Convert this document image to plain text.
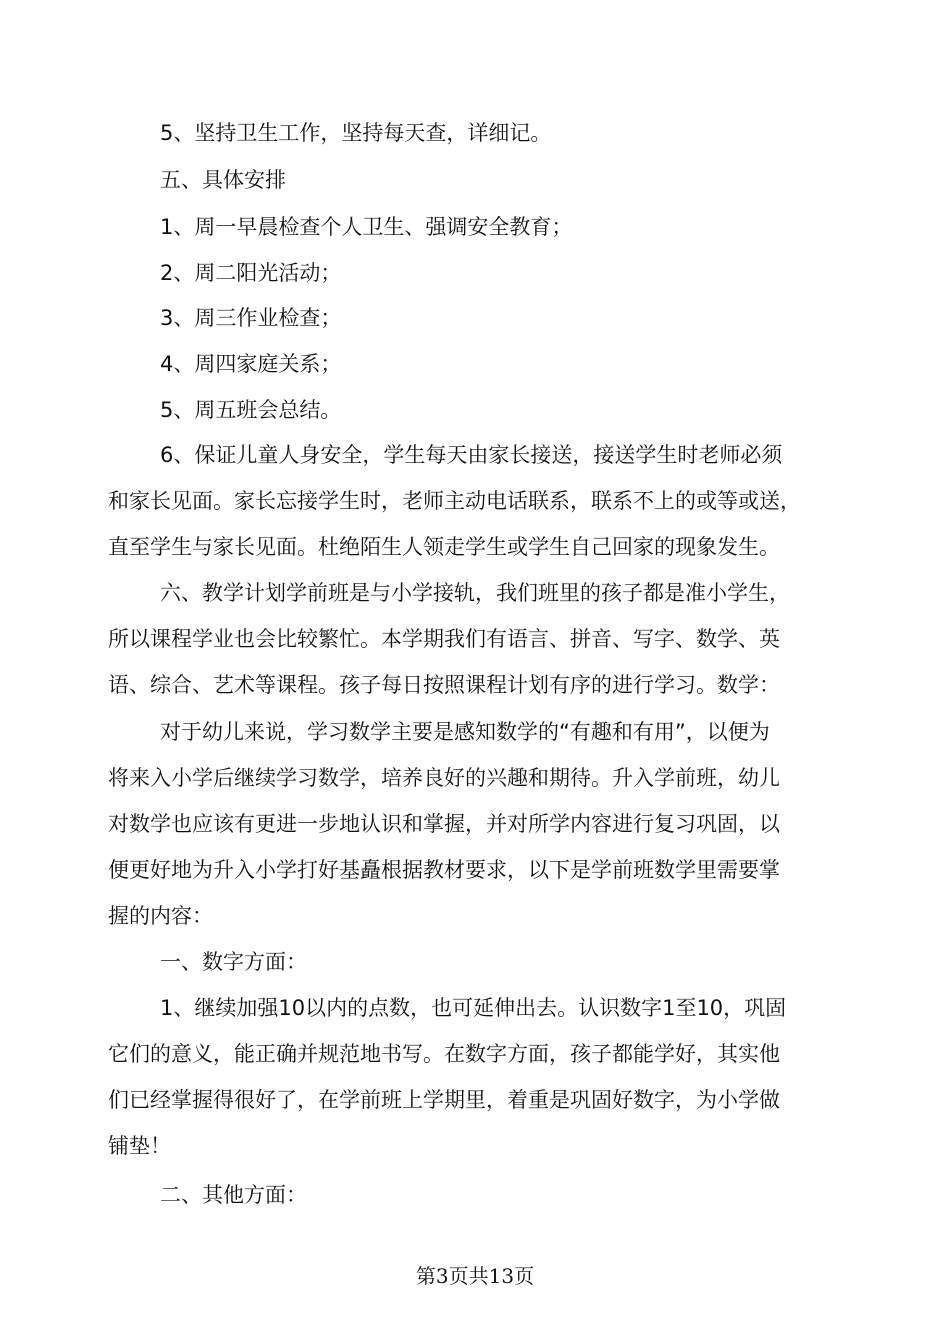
5、坚持卫生工作，坚持每天查，详细记。
五、具体安排
1、周一早晨检查个人卫生、强调安全教育；
2、周二阳光活动；
3、周三作业检查；
4、周四家庭关系；
5、周五班会总结。
6、保证儿童人身安全，学生每天由家长接送，接送学生时老师必须
和家长见面。家长忘接学生时，老师主动电话联系，联系不上的或等或送，
直至学生与家长见面。杜绝陌生人领走学生或学生自己回家的现象发生。
六、教学计划学前班是与小学接轨，我们班里的孩子都是准小学生，
所以课程学业也会比较繁忙。本学期我们有语言、拼音、写字、数学、英
语、综合、艺术等课程。孩子每日按照课程计划有序的进行学习。数学：
对于幼儿来说，学习数学主要是感知数学的“有趣和有用”，以便为
将来入小学后继续学习数学，培养良好的兴趣和期待。升入学前班，幼儿
对数学也应该有更进一步地认识和掌握，并对所学内容进行复习巩固，以
便更好地为升入小学打好基矗根据教材要求，以下是学前班数学里需要掌
握的内容：
一、数字方面：
1、继续加强10以内的点数，也可延伸出去。认识数字1至10，巩固
它们的意义，能正确并规范地书写。在数字方面，孩子都能学好，其实他
们已经掌握得很好了，在学前班上学期里，着重是巩固好数字，为小学做
铺垫！
二、其他方面：
第3页共13页
